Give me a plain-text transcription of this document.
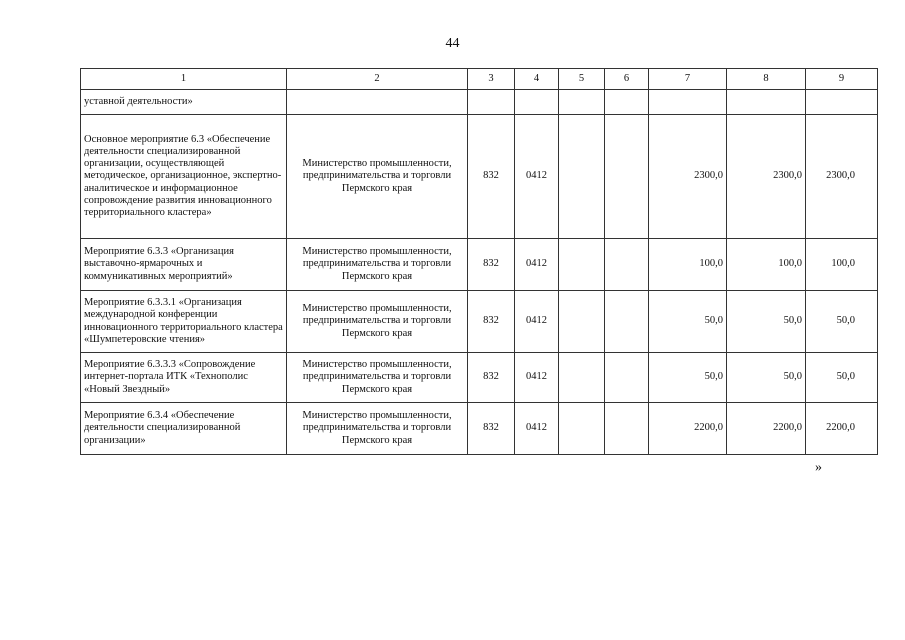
44
1	2	3	4	5	6	7	8	9
уставной деятельности»								
Основное мероприятие 6.3 «Обеспечение деятельности специализированной организации, осуществляющей методическое, организационное, экспертно-аналитическое и информационное сопровождение развития инновационного территориального кластера»	Министерство промышленности, предпринимательства и торговли Пермского края	832	0412			2300,0	2300,0	2300,0
Мероприятие 6.3.3 «Организация выставочно-ярмарочных и коммуникативных мероприятий»	Министерство промышленности, предпринимательства и торговли Пермского края	832	0412			100,0	100,0	100,0
Мероприятие 6.3.3.1 «Организация международной конференции инновационного территориального кластера «Шумпетеровские чтения»	Министерство промышленности, предпринимательства и торговли Пермского края	832	0412			50,0	50,0	50,0
Мероприятие 6.3.3.3 «Сопровождение интернет-портала ИТК «Технополис «Новый Звездный»	Министерство промышленности, предпринимательства и торговли Пермского края	832	0412			50,0	50,0	50,0
Мероприятие 6.3.4 «Обеспечение деятельности специализированной организации»	Министерство промышленности, предпринимательства и торговли Пермского края	832	0412			2200,0	2200,0	2200,0
»
